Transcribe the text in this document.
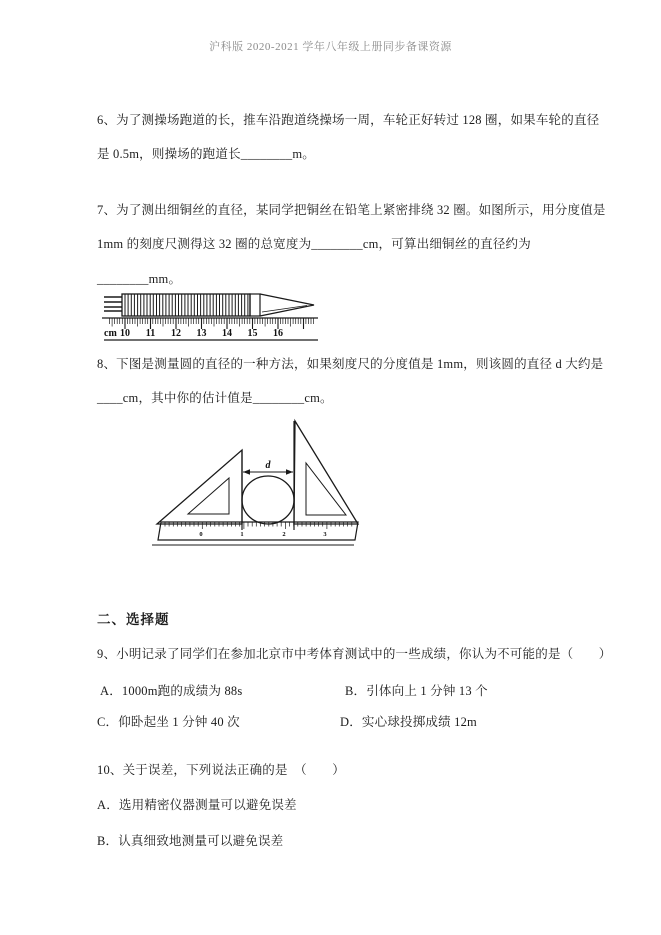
沪科版 2020-2021 学年八年级上册同步备课资源
6、为了测操场跑道的长，推车沿跑道绕操场一周，车轮正好转过 128 圈，如果车轮的直径
是 0.5m，则操场的跑道长________m。
7、为了测出细铜丝的直径，某同学把铜丝在铅笔上紧密排绕 32 圈。如图所示，用分度值是
1mm 的刻度尺测得这 32 圈的总宽度为________cm，可算出细铜丝的直径约为
________mm。
cm 10 11 12 13 14 15 16
8、下图是测量圆的直径的一种方法，如果刻度尺的分度值是 1mm，则该圆的直径 d 大约是
____cm，其中你的估计值是________cm。
0	1	2	3
d
二、选择题
9、小明记录了同学们在参加北京市中考体育测试中的一些成绩，你认为不可能的是（　　）
A．1000m跑的成绩为 88s	B．引体向上 1 分钟 13 个
C．仰卧起坐 1 分钟 40 次	D．实心球投掷成绩 12m
10、关于误差，下列说法正确的是　（　　）
A．选用精密仪器测量可以避免误差
B．认真细致地测量可以避免误差
